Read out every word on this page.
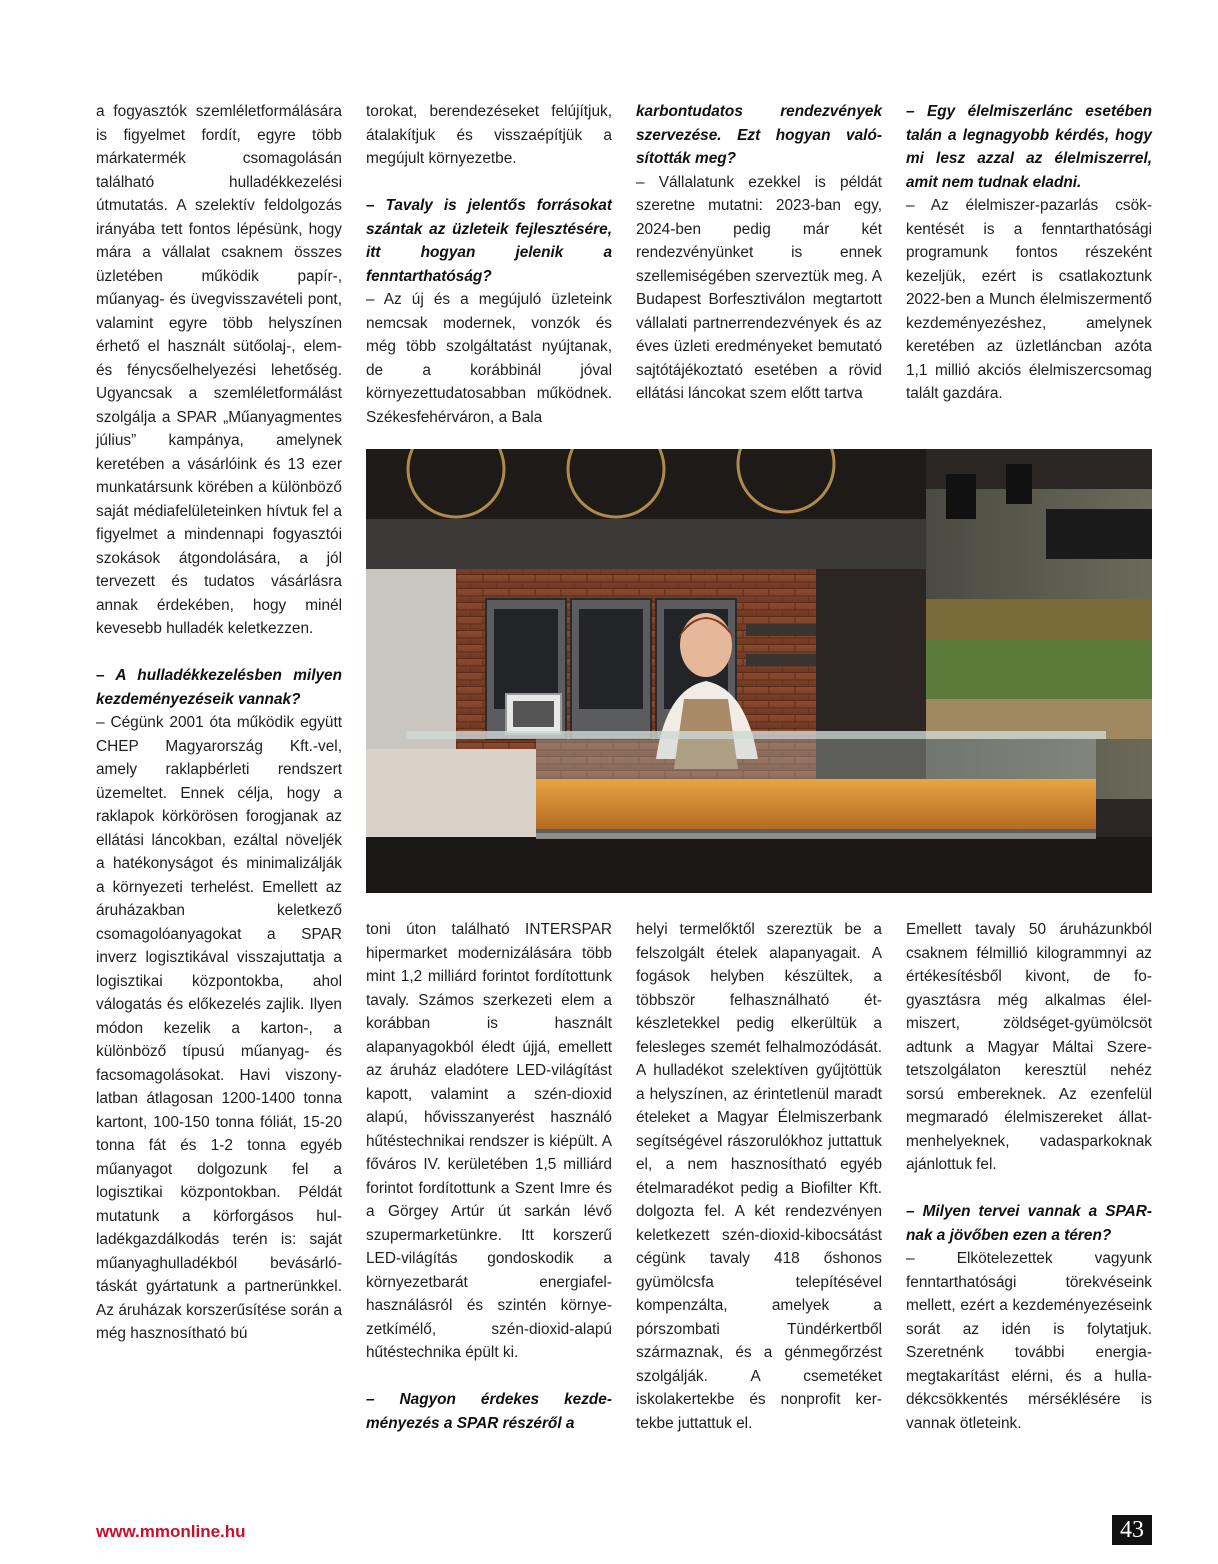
a fogyasztók szemléletformálására is figyelmet fordít, egyre több márkatermék csomagolásán található hulladékkezelési útmutatás. A szelektív feldolgozás irányába tett fontos lépésünk, hogy mára a vállalat csaknem összes üzletében működik papír-, műanyag- és üvegvisszavételi pont, valamint egyre több helyszínen érhető el használt sütőolaj-, elem- és fénycsőelhelyezési lehetőség. Ugyancsak a szemléletformálást szolgálja a SPAR „Műanyagmentes július” kampánya, amelynek keretében a vásárlóink és 13 ezer munkatársunk körében a különböző saját médiafelületeinken hívtuk fel a figyelmet a mindennapi fogyasztói szokások átgondolására, a jól tervezett és tudatos vásárlásra annak érdekében, hogy minél kevesebb hulladék keletkezzen.

– A hulladékkezelésben milyen kezdeményezéseik vannak?

– Cégünk 2001 óta működik együtt CHEP Magyarország Kft.-vel, amely raklapbérleti rendszert üzemeltet. Ennek célja, hogy a raklapok körkörösen forogjanak az ellátási láncokban, ezáltal növeljék a hatékonyságot és minimalizálják a környezeti terhelést. Emellett az áruházakban keletkező csomagolóanyagokat a SPAR inverz logisztikával visszajuttatja a logisztikai központokba, ahol válogatás és előkezelés zajlik. Ilyen módon kezelik a karton-, a különböző típusú műanyag- és facsomagolásokat. Havi viszonylatban átlagosan 1200-1400 tonna kartont, 100-150 tonna fóliát, 15-20 tonna fát és 1-2 tonna egyéb műanyagot dolgozunk fel a logisztikai központokban. Példát mutatunk a körforgásos hulladékgazdálkodás terén is: saját műanyaghulladékból bevásárlótáskát gyártatunk a partnerünkkel. Az áruházak korszerűsítése során a még hasznosítható bú

torokat, berendezéseket felújítjuk, átalakítjuk és visszaépítjük a megújult környezetbe.

– Tavaly is jelentős forrásokat szántak az üzleteik fejlesztésére, itt hogyan jelenik a fenntarthatóság?

– Az új és a megújuló üzleteink nemcsak modernek, vonzók és még több szolgáltatást nyújtanak, de a korábbinál jóval környezettudatosabban működnek. Székesfehérváron, a Bala

karbontudatos rendezvények szervezése. Ezt hogyan valósították meg?

– Vállalatunk ezekkel is példát szeretne mutatni: 2023-ban egy, 2024-ben pedig már két rendezvényünket is ennek szellemiségében szerveztük meg. A Budapest Borfesztiválon megtartott vállalati partnerrendezvények és az éves üzleti eredményeket bemutató sajtótájékoztató esetében a rövid ellátási láncokat szem előtt tartva

– Egy élelmiszerlánc esetében talán a legnagyobb kérdés, hogy mi lesz azzal az élelmiszerrel, amit nem tudnak eladni.

– Az élelmiszer-pazarlás csökkentését is a fenntarthatósági programunk fontos részeként kezeljük, ezért is csatlakoztunk 2022-ben a Munch élelmiszermentő kezdeményezéshez, amelynek keretében az üzletláncban azóta 1,1 millió akciós élelmiszercsomag talált gazdára.

toni úton található INTERSPAR hipermarket modernizálására több mint 1,2 milliárd forintot fordítottunk tavaly. Számos szerkezeti elem a korábban is használt alapanyagokból éledt újjá, emellett az áruház eladótere LED-világítást kapott, valamint a szén-dioxid alapú, hővisszanyerést használó hűtéstechnikai rendszer is kiépült. A főváros IV. kerületében 1,5 milliárd forintot fordítottunk a Szent Imre és a Görgey Artúr út sarkán lévő szupermarketünkre. Itt korszerű LED-világítás gondoskodik a környezetbarát energiafelhasználásról és szintén környezetkímélő, szén-dioxid-alapú hűtéstechnika épült ki.

– Nagyon érdekes kezdeményezés a SPAR részéről a

helyi termelőktől szereztük be a felszolgált ételek alapanyagait. A fogások helyben készültek, a többször felhasználható étkészletekkel pedig elkerültük a felesleges szemét felhalmozódását. A hulladékot szelektíven gyűjtöttük a helyszínen, az érintetlenül maradt ételeket a Magyar Élelmiszerbank segítségével rászorulókhoz juttattuk el, a nem hasznosítható egyéb ételmaradékot pedig a Biofilter Kft. dolgozta fel. A két rendezvényen keletkezett szén-dioxid-kibocsátást cégünk tavaly 418 őshonos gyümölcsfa telepítésével kompenzálta, amelyek a pórszombati Tündérkertből származnak, és a génmegőrzést szolgálják. A csemetéket iskolakertekbe és nonprofit kertekbe juttattuk el.

Emellett tavaly 50 áruházunkból csaknem félmillió kilogrammnyi az értékesítésből kivont, de fogyasztásra még alkalmas élelmiszert, zöldséget-gyümölcsöt adtunk a Magyar Máltai Szeretetszolgálaton keresztül nehéz sorsú embereknek. Az ezenfelül megmaradó élelmiszereket állatmenhelyeknek, vadasparkoknak ajánlottuk fel.

– Milyen tervei vannak a SPAR-nak a jövőben ezen a téren?

– Elkötelezettek vagyunk fenntarthatósági törekvéseink mellett, ezért a kezdeményezéseink sorát az idén is folytatjuk. Szeretnénk további energiamegtakarítást elérni, és a hulladékcsökkentés mérséklésére is vannak ötleteink.

www.mmonline.hu	43
